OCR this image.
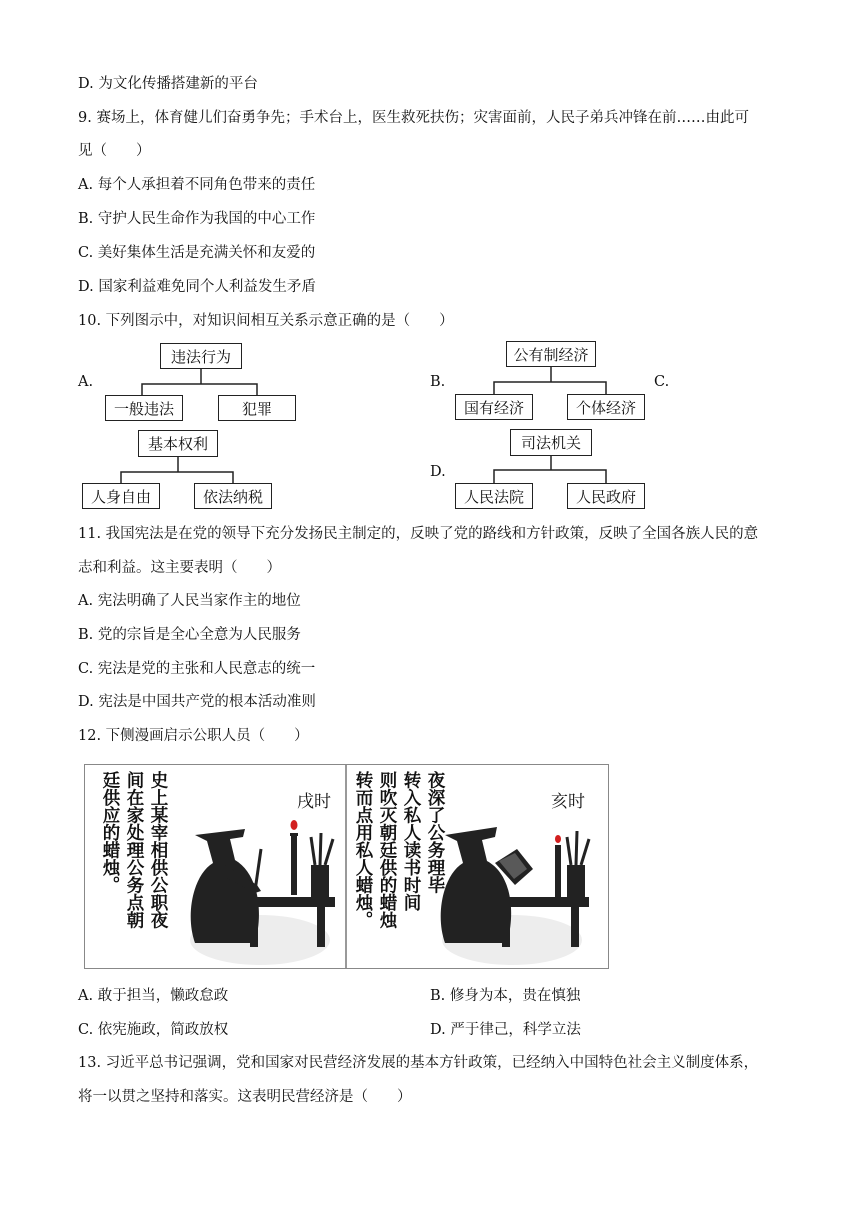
D. 为文化传播搭建新的平台
9. 赛场上，体育健儿们奋勇争先；手术台上，医生救死扶伤；灾害面前，人民子弟兵冲锋在前……由此可
见（　　）
A. 每个人承担着不同角色带来的责任
B. 守护人民生命作为我国的中心工作
C. 美好集体生活是充满关怀和友爱的
D. 国家利益难免同个人利益发生矛盾
10. 下列图示中，对知识间相互关系示意正确的是（　　）
A.
违法行为
一般违法	犯罪
B.
公有制经济
国有经济	个体经济
C.
基本权利
人身自由	依法纳税
D.
司法机关
人民法院	人民政府
11. 我国宪法是在党的领导下充分发扬民主制定的，反映了党的路线和方针政策，反映了全国各族人民的意
志和利益。这主要表明（　　）
A. 宪法明确了人民当家作主的地位
B. 党的宗旨是全心全意为人民服务
C. 宪法是党的主张和人民意志的统一
D. 宪法是中国共产党的根本活动准则
12. 下侧漫画启示公职人员（　　）
廷供应的蜡烛。 间在家处理公务点朝 史上某宰相供公职夜	戌时 转而点用私人蜡烛。 则吹灭朝廷供的蜡烛 转入私人读书时间 夜深了公务理毕	亥时
A. 敢于担当，懒政怠政	B. 修身为本，贵在慎独
C. 依宪施政，简政放权	D. 严于律己，科学立法
13. 习近平总书记强调，党和国家对民营经济发展的基本方针政策，已经纳入中国特色社会主义制度体系，
将一以贯之坚持和落实。这表明民营经济是（　　）
